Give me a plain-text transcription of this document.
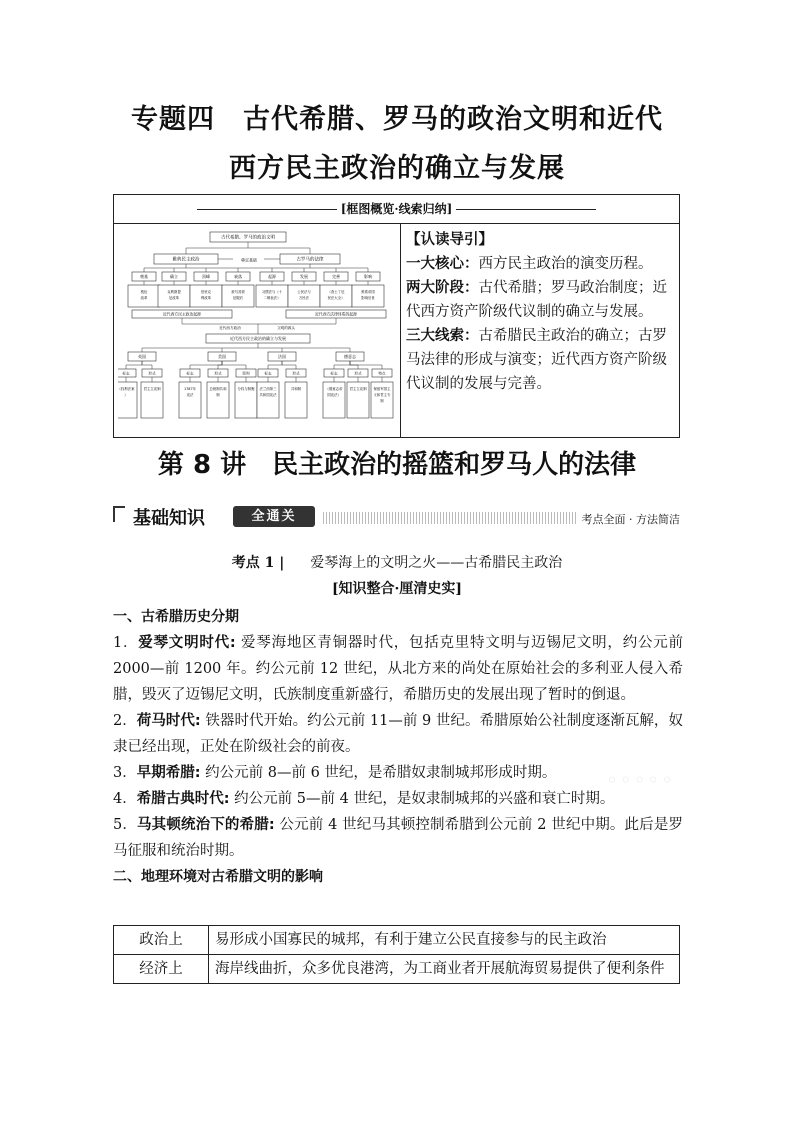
专题四　古代希腊、罗马的政治文明和近代
西方民主政治的确立与发展
[框图概览·线索归纳]
古代希腊、罗马的政治文明
雅典民主政治	古罗马的法律
奠定基础
奠基
梭伦改革
确立
克利斯提尼改革
顶峰
伯里克利改革
衰落
被马其顿征服后
起源
习惯法与《十二铜表法》
发展
公民法与万民法
完善
《查士丁尼民法大全》
影响
维系帝国影响后世
近代西方民主政治起源	近代西方法律体系的起源
近代西方政治	文明的源头
近代西方民主政治的确立与发展
英国	美国	法国	德意志
标志
《权利法案》
形式
君主立宪制
标志
1787年宪法
形式
总统制共和制
原则
分权与制衡
标志
法兰西第三共和国宪法
形式
共和制
标志
《德意志帝国宪法》
形式
君主立宪制
特点
保留军国主义和君主专制
【认读导引】
一大核心：西方民主政治的演变历程。
两大阶段：古代希腊；罗马政治制度；近代西方资产阶级代议制的确立与发展。
三大线索：古希腊民主政治的确立；古罗马法律的形成与演变；近代西方资产阶级代议制的发展与完善。
第 8 讲　民主政治的摇篮和罗马人的法律
基础知识	全通关	考点全面 · 方法简洁
考点 1 | 爱琴海上的文明之火——古希腊民主政治
[知识整合·厘清史实]
一、古希腊历史分期

1．爱琴文明时代: 爱琴海地区青铜器时代，包括克里特文明与迈锡尼文明，约公元前 2000—前 1200 年。约公元前 12 世纪，从北方来的尚处在原始社会的多利亚人侵入希腊，毁灭了迈锡尼文明，氏族制度重新盛行，希腊历史的发展出现了暂时的倒退。

2．荷马时代: 铁器时代开始。约公元前 11—前 9 世纪。希腊原始公社制度逐渐瓦解，奴隶已经出现，正处在阶级社会的前夜。

3．早期希腊: 约公元前 8—前 6 世纪，是希腊奴隶制城邦形成时期。

4．希腊古典时代: 约公元前 5—前 4 世纪，是奴隶制城邦的兴盛和衰亡时期。

5．马其顿统治下的希腊: 公元前 4 世纪马其顿控制希腊到公元前 2 世纪中期。此后是罗马征服和统治时期。

二、地理环境对古希腊文明的影响
政治上	易形成小国寡民的城邦，有利于建立公民直接参与的民主政治
经济上	海岸线曲折，众多优良港湾，为工商业者开展航海贸易提供了便利条件
◦◦◦◦◦
